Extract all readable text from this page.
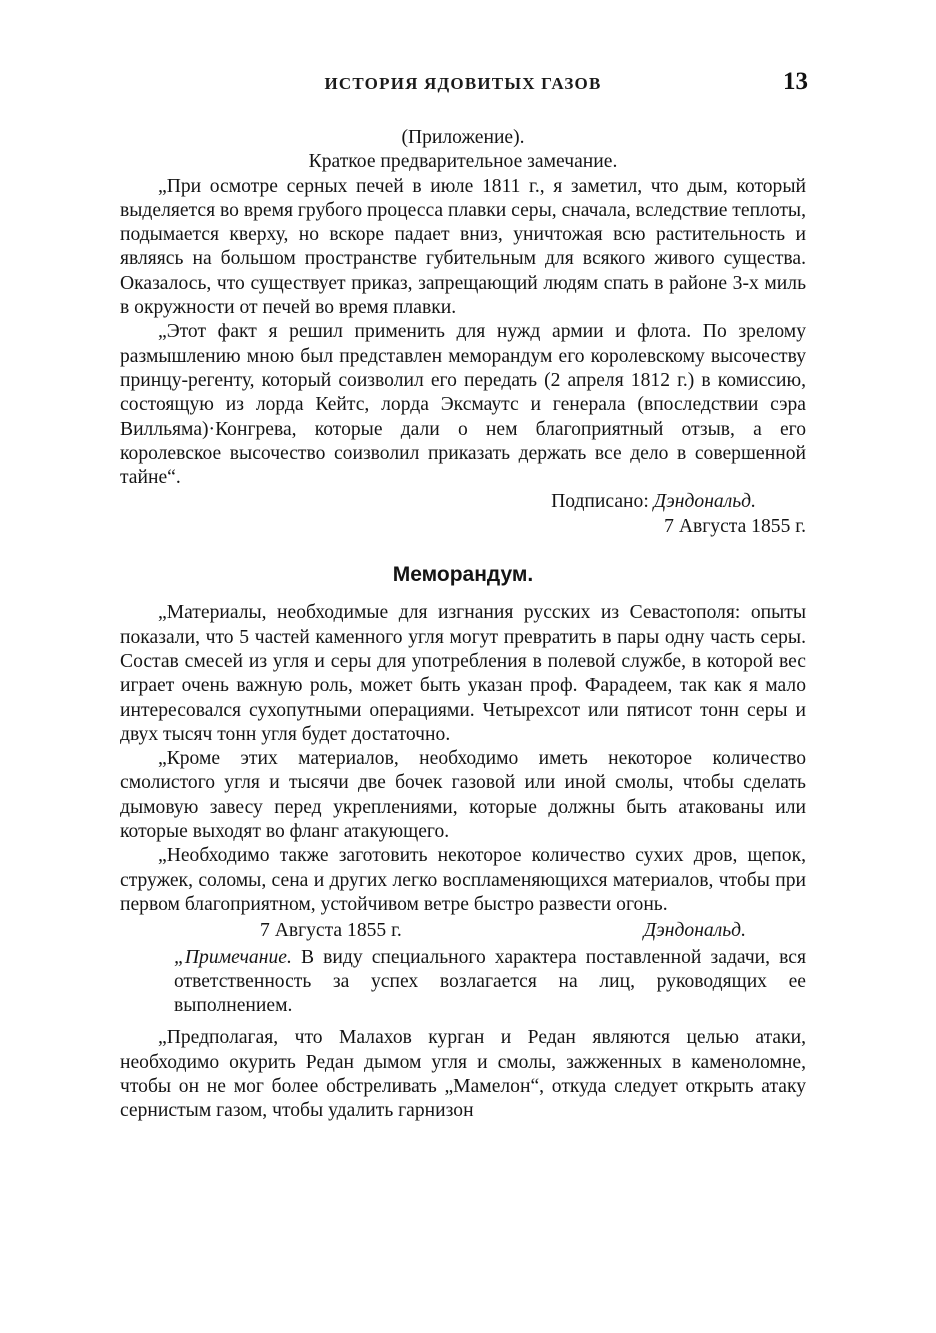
ИСТОРИЯ ЯДОВИТЫХ ГАЗОВ	13

(Приложение).

Краткое предварительное замечание.

„При осмотре серных печей в июле 1811 г., я заметил, что дым, который выделяется во время грубого процесса плавки серы, сначала, вследствие теплоты, подымается кверху, но вскоре падает вниз, уничтожая всю растительность и являясь на большом пространстве губительным для всякого живого существа. Оказалось, что существует приказ, запрещающий людям спать в районе 3-х миль в окружности от печей во время плавки.

„Этот факт я решил применить для нужд армии и флота. По зрелому размышлению мною был представлен меморандум его королевскому высочеству принцу-регенту, который соизволил его передать (2 апреля 1812 г.) в комиссию, состоящую из лорда Кейтс, лорда Эксмаутс и генерала (впоследствии сэра Вилльяма)·Конгрева, которые дали о нем благоприятный отзыв, а его королевское высочество соизволил приказать держать все дело в совершенной тайне“.

Подписано: Дэндональд.

7 Августа 1855 г.

Меморандум.

„Материалы, необходимые для изгнания русских из Севастополя: опыты показали, что 5 частей каменного угля могут превратить в пары одну часть серы. Состав смесей из угля и серы для употребления в полевой службе, в которой вес играет очень важную роль, может быть указан проф. Фарадеем, так как я мало интересовался сухопутными операциями. Четырехсот или пятисот тонн серы и двух тысяч тонн угля будет достаточно.

„Кроме этих материалов, необходимо иметь некоторое количество смолистого угля и тысячи две бочек газовой или иной смолы, чтобы сделать дымовую завесу перед укреплениями, которые должны быть атакованы или которые выходят во фланг атакующего.

„Необходимо также заготовить некоторое количество сухих дров, щепок, стружек, соломы, сена и других легко воспламеняющихся материалов, чтобы при первом благоприятном, устойчивом ветре быстро развести огонь.

7 Августа 1855 г.	Дэндональд.

„Примечание. В виду специального характера поставленной задачи, вся ответственность за успех возлагается на лиц, руководящих ее выполнением.

„Предполагая, что Малахов курган и Редан являются целью атаки, необходимо окурить Редан дымом угля и смолы, зажженных в каменоломне, чтобы он не мог более обстреливать „Мамелон“, откуда следует открыть атаку сернистым газом, чтобы удалить гарнизон
